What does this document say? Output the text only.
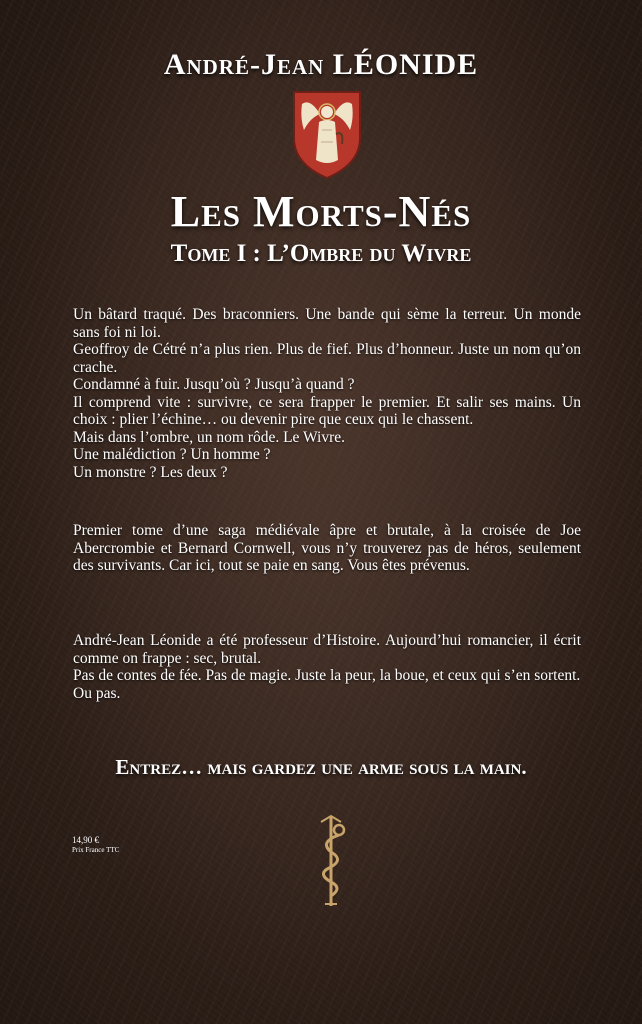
André-Jean LÉONIDE
Les Morts-Nés
Tome I : L’Ombre du Wivre

Un bâtard traqué. Des braconniers. Une bande qui sème la terreur. Un monde sans foi ni loi.

Geoffroy de Cétré n’a plus rien. Plus de fief. Plus d’honneur. Juste un nom qu’on crache.

Condamné à fuir. Jusqu’où ? Jusqu’à quand ?

Il comprend vite : survivre, ce sera frapper le premier. Et salir ses mains. Un choix : plier l’échine… ou devenir pire que ceux qui le chassent.

Mais dans l’ombre, un nom rôde. Le Wivre.

Une malédiction ? Un homme ?

Un monstre ? Les deux ?

Premier tome d’une saga médiévale âpre et brutale, à la croisée de Joe Abercrombie et Bernard Cornwell, vous n’y trouverez pas de héros, seulement des survivants. Car ici, tout se paie en sang. Vous êtes prévenus.

André-Jean Léonide a été professeur d’Histoire. Aujourd’hui romancier, il écrit comme on frappe : sec, brutal.

Pas de contes de fée. Pas de magie. Juste la peur, la boue, et ceux qui s’en sortent.

Ou pas.

Entrez… mais gardez une arme sous la main.
14,90 €
Prix France TTC
